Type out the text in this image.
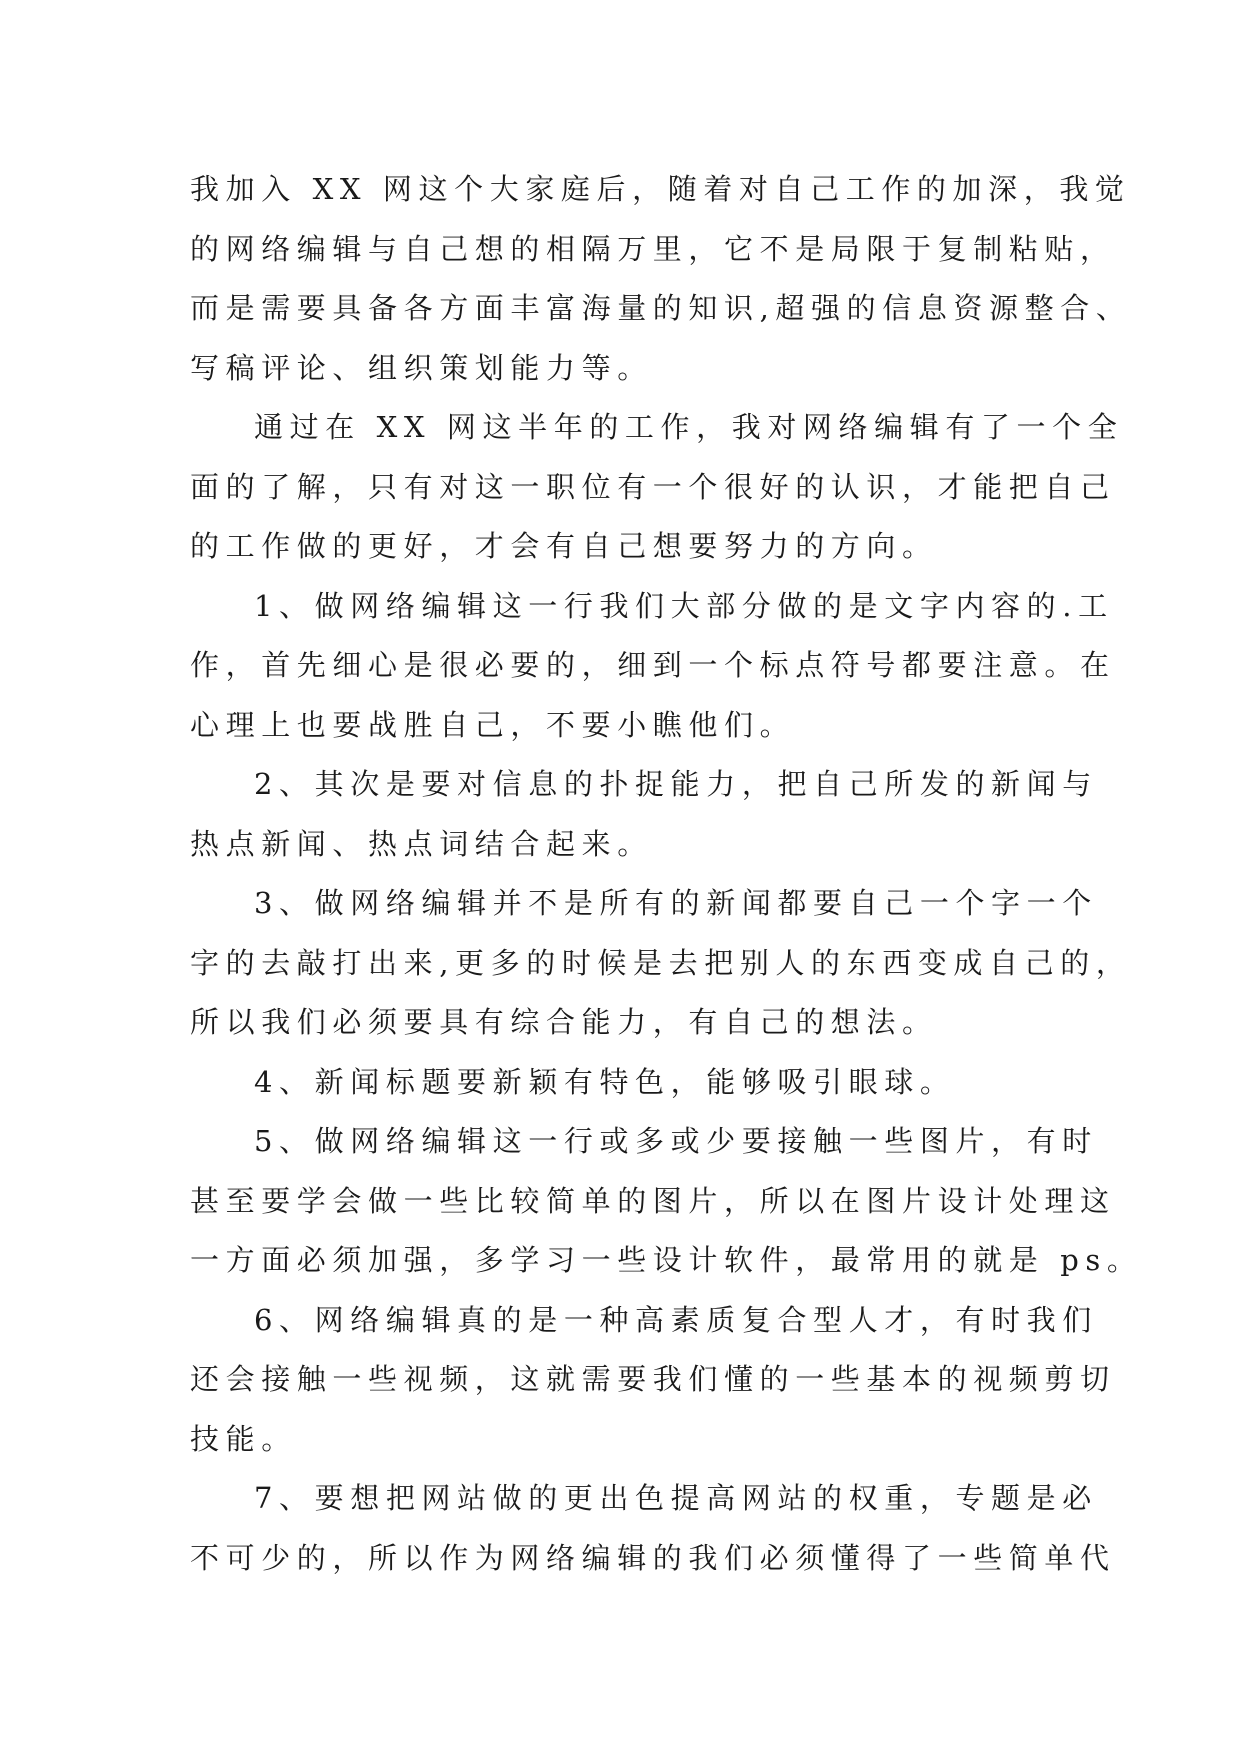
我加入 XX 网这个大家庭后，随着对自己工作的加深，我觉
的网络编辑与自己想的相隔万里，它不是局限于复制粘贴，
而是需要具备各方面丰富海量的知识,超强的信息资源整合、
写稿评论、组织策划能力等。
通过在 XX 网这半年的工作，我对网络编辑有了一个全
面的了解，只有对这一职位有一个很好的认识，才能把自己
的工作做的更好，才会有自己想要努力的方向。
1、做网络编辑这一行我们大部分做的是文字内容的.工
作，首先细心是很必要的，细到一个标点符号都要注意。在
心理上也要战胜自己，不要小瞧他们。
2、其次是要对信息的扑捉能力，把自己所发的新闻与
热点新闻、热点词结合起来。
3、做网络编辑并不是所有的新闻都要自己一个字一个
字的去敲打出来,更多的时候是去把别人的东西变成自己的，
所以我们必须要具有综合能力，有自己的想法。
4、新闻标题要新颖有特色，能够吸引眼球。
5、做网络编辑这一行或多或少要接触一些图片，有时
甚至要学会做一些比较简单的图片，所以在图片设计处理这
一方面必须加强，多学习一些设计软件，最常用的就是 ps。
6、网络编辑真的是一种高素质复合型人才，有时我们
还会接触一些视频，这就需要我们懂的一些基本的视频剪切
技能。
7、要想把网站做的更出色提高网站的权重，专题是必
不可少的，所以作为网络编辑的我们必须懂得了一些简单代
